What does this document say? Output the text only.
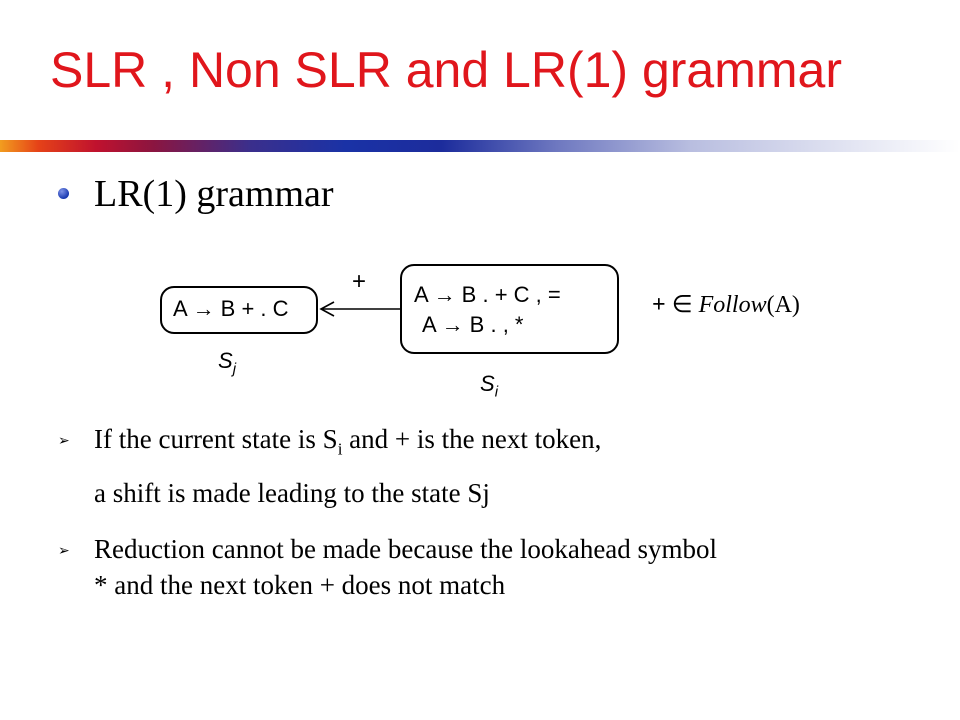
SLR , Non SLR and LR(1) grammar
LR(1) grammar
A → B + . C
A → B . + C , =
A → B . , *
+
+ ∈ Follow(A)
$S_j$
$S_i$
➢ If the current state is $S_i$ and + is the next token,
a shift is made leading to the state Sj
➢ Reduction cannot be made because the lookahead symbol
* and the next token + does not match
